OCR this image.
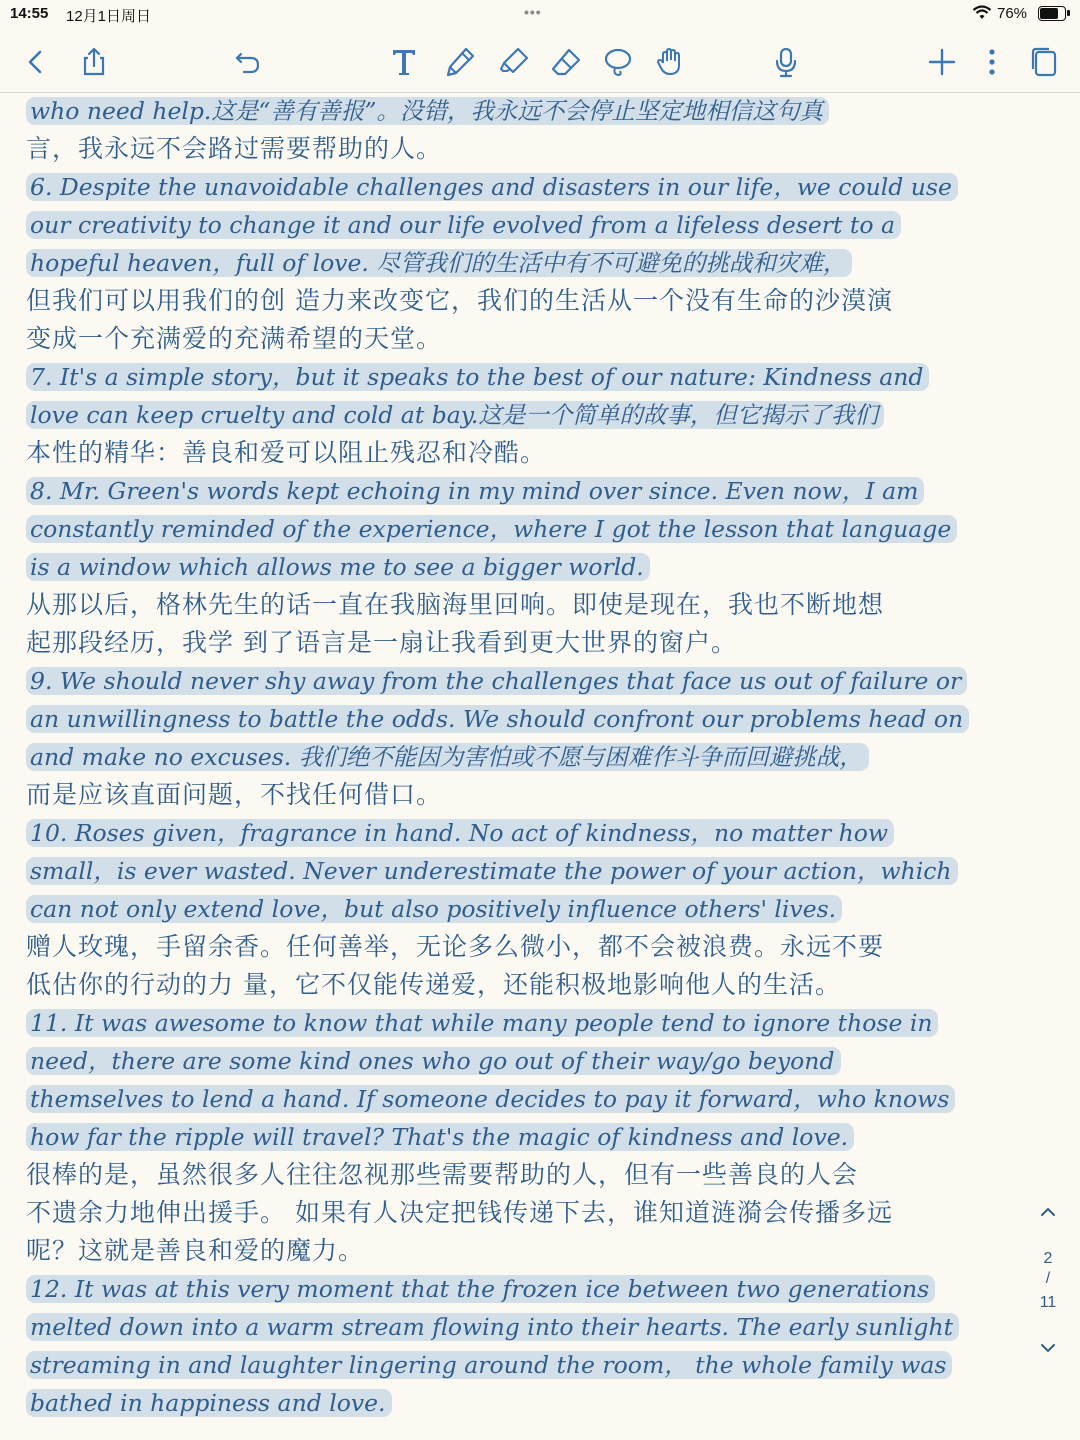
14:55 12月1日周日	•••	76%
who need help.这是“善有善报”。没错，我永远不会停止坚定地相信这句真
言，我永远不会路过需要帮助的人。
6. Despite the unavoidable challenges and disasters in our life，we could use
our creativity to change it and our life evolved from a lifeless desert to a
hopeful heaven，full of love. 尽管我们的生活中有不可避免的挑战和灾难，
但我们可以用我们的创 造力来改变它，我们的生活从一个没有生命的沙漠演
变成一个充满爱的充满希望的天堂。
7. It's a simple story，but it speaks to the best of our nature: Kindness and
love can keep cruelty and cold at bay.这是一个简单的故事，但它揭示了我们
本性的精华：善良和爱可以阻止残忍和冷酷。
8. Mr. Green's words kept echoing in my mind over since. Even now，I am
constantly reminded of the experience，where I got the lesson that language
is a window which allows me to see a bigger world.
从那以后，格林先生的话一直在我脑海里回响。即使是现在，我也不断地想
起那段经历，我学 到了语言是一扇让我看到更大世界的窗户。
9. We should never shy away from the challenges that face us out of failure or
an unwillingness to battle the odds. We should confront our problems head on
and make no excuses. 我们绝不能因为害怕或不愿与困难作斗争而回避挑战，
而是应该直面问题，不找任何借口。
10. Roses given，fragrance in hand. No act of kindness，no matter how
small，is ever wasted. Never underestimate the power of your action，which
can not only extend love，but also positively influence others' lives.
赠人玫瑰，手留余香。任何善举，无论多么微小，都不会被浪费。永远不要
低估你的行动的力 量，它不仅能传递爱，还能积极地影响他人的生活。
11. It was awesome to know that while many people tend to ignore those in
need，there are some kind ones who go out of their way/go beyond
themselves to lend a hand. If someone decides to pay it forward，who knows
how far the ripple will travel? That's the magic of kindness and love.
很棒的是，虽然很多人往往忽视那些需要帮助的人，但有一些善良的人会
不遗余力地伸出援手。 如果有人决定把钱传递下去，谁知道涟漪会传播多远
呢？这就是善良和爱的魔力。
12. It was at this very moment that the frozen ice between two generations
melted down into a warm stream flowing into their hearts. The early sunlight
streaming in and laughter lingering around the room， the whole family was
bathed in happiness and love.
2
/
11
